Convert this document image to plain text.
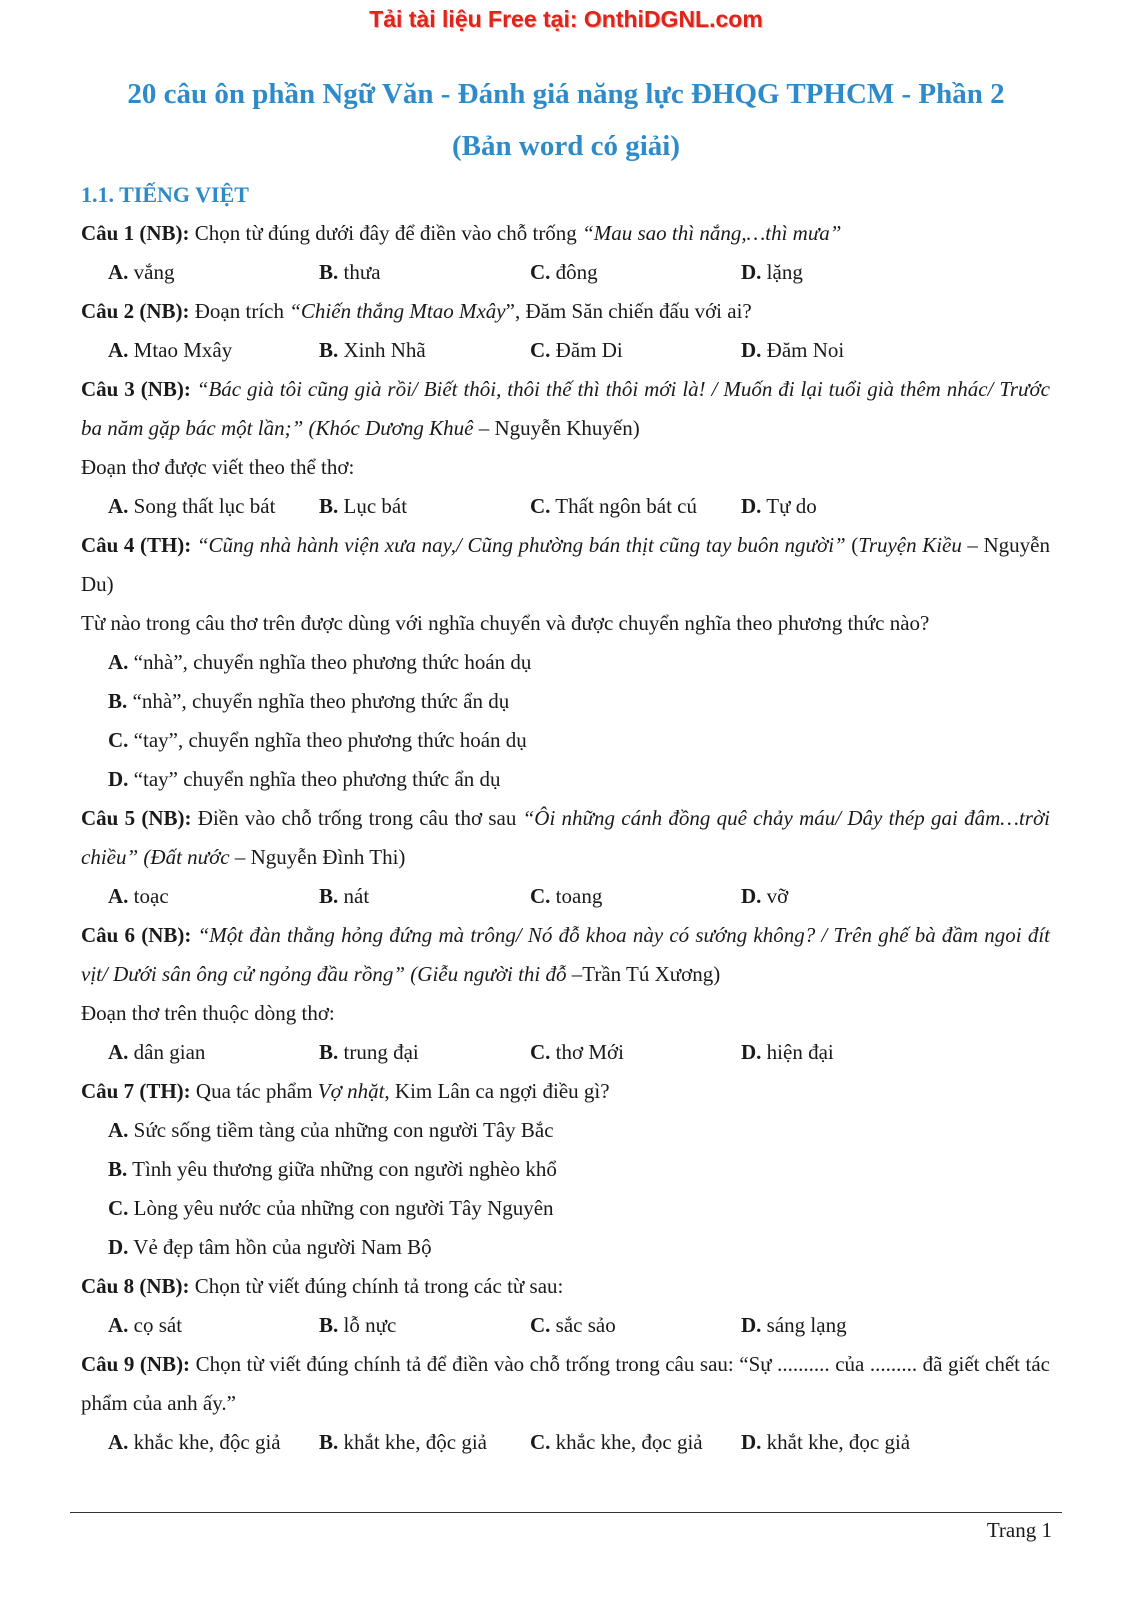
Tải tài liệu Free tại: OnthiDGNL.com
20 câu ôn phần Ngữ Văn - Đánh giá năng lực ĐHQG TPHCM - Phần 2
(Bản word có giải)
1.1. TIẾNG VIỆT
Câu 1 (NB): Chọn từ đúng dưới đây để điền vào chỗ trống “Mau sao thì nắng,…thì mưa”
A. vắng	B. thưa	C. đông	D. lặng
Câu 2 (NB): Đoạn trích “Chiến thắng Mtao Mxây”, Đăm Săn chiến đấu với ai?
A. Mtao Mxây	B. Xinh Nhã	C. Đăm Di	D. Đăm Noi
Câu 3 (NB): “Bác già tôi cũng già rồi/ Biết thôi, thôi thế thì thôi mới là! / Muốn đi lại tuổi già thêm nhác/ Trước ba năm gặp bác một lần;” (Khóc Dương Khuê – Nguyễn Khuyến)
Đoạn thơ được viết theo thể thơ:
A. Song thất lục bát	B. Lục bát	C. Thất ngôn bát cú	D. Tự do
Câu 4 (TH): “Cũng nhà hành viện xưa nay,/ Cũng phường bán thịt cũng tay buôn người” (Truyện Kiều – Nguyễn Du)
Từ nào trong câu thơ trên được dùng với nghĩa chuyển và được chuyển nghĩa theo phương thức nào?
A. “nhà”, chuyển nghĩa theo phương thức hoán dụ
B. “nhà”, chuyển nghĩa theo phương thức ẩn dụ
C. “tay”, chuyển nghĩa theo phương thức hoán dụ
D. “tay” chuyển nghĩa theo phương thức ẩn dụ
Câu 5 (NB): Điền vào chỗ trống trong câu thơ sau “Ôi những cánh đồng quê chảy máu/ Dây thép gai đâm…trời chiều” (Đất nước – Nguyễn Đình Thi)
A. toạc	B. nát	C. toang	D. vỡ
Câu 6 (NB): “Một đàn thằng hỏng đứng mà trông/ Nó đỗ khoa này có sướng không? / Trên ghế bà đầm ngoi đít vịt/ Dưới sân ông cử ngỏng đầu rồng” (Giễu người thi đỗ –Trần Tú Xương)
Đoạn thơ trên thuộc dòng thơ:
A. dân gian	B. trung đại	C. thơ Mới	D. hiện đại
Câu 7 (TH): Qua tác phẩm Vợ nhặt, Kim Lân ca ngợi điều gì?
A. Sức sống tiềm tàng của những con người Tây Bắc
B. Tình yêu thương giữa những con người nghèo khổ
C. Lòng yêu nước của những con người Tây Nguyên
D. Vẻ đẹp tâm hồn của người Nam Bộ
Câu 8 (NB): Chọn từ viết đúng chính tả trong các từ sau:
A. cọ sát	B. lỗ nực	C. sắc sảo	D. sáng lạng
Câu 9 (NB): Chọn từ viết đúng chính tả để điền vào chỗ trống trong câu sau: “Sự .......... của ......... đã giết chết tác phẩm của anh ấy.”
A. khắc khe, độc giả	B. khắt khe, độc giả	C. khắc khe, đọc giả	D. khắt khe, đọc giả
Trang 1
